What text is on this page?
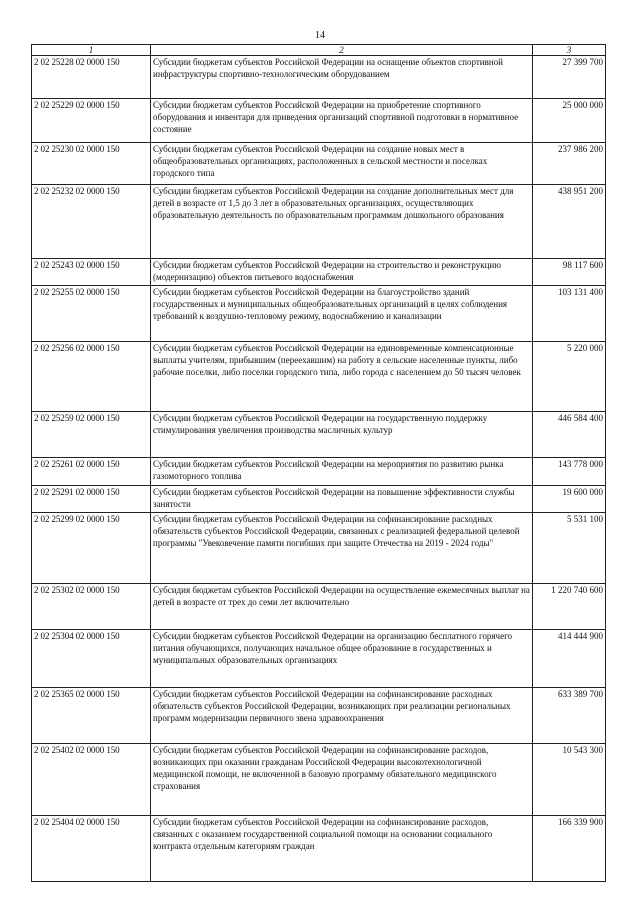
14
1	2	3
2 02 25228 02 0000 150	Субсидии бюджетам субъектов Российской Федерации на оснащение объектов спортивной инфраструктуры спортивно-технологическим оборудованием	27 399 700
2 02 25229 02 0000 150	Субсидии бюджетам субъектов Российской Федерации на приобретение спортивного оборудования и инвентаря для приведения организаций спортивной подготовки в нормативное состояние	25 000 000
2 02 25230 02 0000 150	Субсидии бюджетам субъектов Российской Федерации на создание новых мест в общеобразовательных организациях, расположенных в сельской местности и поселках городского типа	237 986 200
2 02 25232 02 0000 150	Субсидии бюджетам субъектов Российской Федерации на создание дополнительных мест для детей в возрасте от 1,5 до 3 лет в образовательных организациях, осуществляющих образовательную деятельность по образовательным программам дошкольного образования	438 951 200
2 02 25243 02 0000 150	Субсидии бюджетам субъектов Российской Федерации на строительство и реконструкцию (модернизацию) объектов питьевого водоснабжения	98 117 600
2 02 25255 02 0000 150	Субсидии бюджетам субъектов Российской Федерации на благоустройство зданий государственных и муниципальных общеобразовательных организаций в целях соблюдения требований к воздушно-тепловому режиму, водоснабжению и канализации	103 131 400
2 02 25256 02 0000 150	Субсидии бюджетам субъектов Российской Федерации на единовременные компенсационные выплаты учителям, прибывшим (переехавшим) на работу в сельские населенные пункты, либо рабочие поселки, либо поселки городского типа, либо города с населением до 50 тысяч человек	5 220 000
2 02 25259 02 0000 150	Субсидии бюджетам субъектов Российской Федерации на государственную поддержку стимулирования увеличения производства масличных культур	446 584 400
2 02 25261 02 0000 150	Субсидии бюджетам субъектов Российской Федерации на мероприятия по развитию рынка газомоторного топлива	143 778 000
2 02 25291 02 0000 150	Субсидии бюджетам субъектов Российской Федерации на повышение эффективности службы занятости	19 600 000
2 02 25299 02 0000 150	Субсидии бюджетам субъектов Российской Федерации на софинансирование расходных обязательств субъектов Российской Федерации, связанных с реализацией федеральной целевой программы "Увековечение памяти погибших при защите Отечества на 2019 - 2024 годы"	5 531 100
2 02 25302 02 0000 150	Субсидия бюджетам субъектов Российской Федерации на осуществление ежемесячных выплат на детей в возрасте от трех до семи лет включительно	1 220 740 600
2 02 25304 02 0000 150	Субсидии бюджетам субъектов Российской Федерации на организацию бесплатного горячего питания обучающихся, получающих начальное общее образование в государственных и муниципальных образовательных организациях	414 444 900
2 02 25365 02 0000 150	Субсидии бюджетам субъектов Российской Федерации на софинансирование расходных обязательств субъектов Российской Федерации, возникающих при реализации региональных программ модернизации первичного звена здравоохранения	633 389 700
2 02 25402 02 0000 150	Субсидии бюджетам субъектов Российской Федерации на софинансирование расходов, возникающих при оказании гражданам Российской Федерации высокотехнологичной медицинской помощи, не включенной в базовую программу обязательного медицинского страхования	10 543 300
2 02 25404 02 0000 150	Субсидии бюджетам субъектов Российской Федерации на софинансирование расходов, связанных с оказанием государственной социальной помощи на основании социального контракта отдельным категориям граждан	166 339 900
